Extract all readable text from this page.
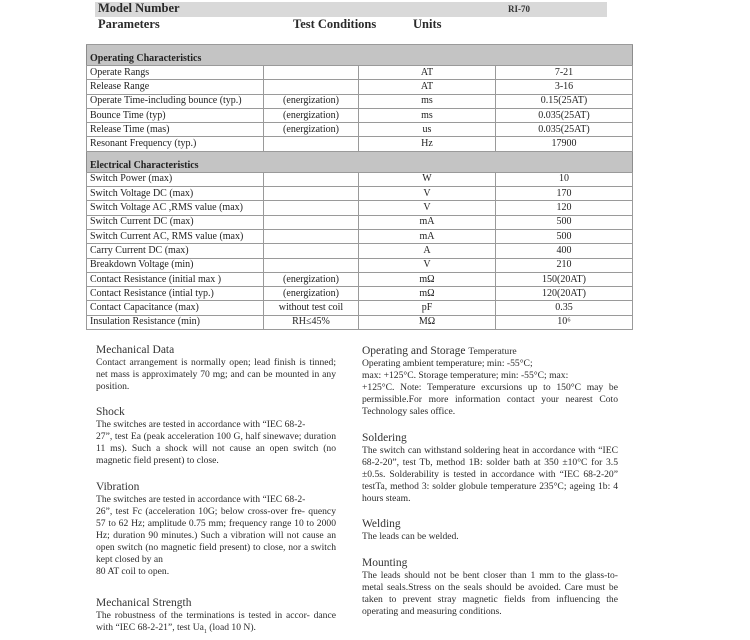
Model Number	RI-70
Parameters	Test Conditions	Units
Operating Characteristics			
Operate Rangs		AT	7-21
Release Range		AT	3-16
Operate Time-including bounce (typ.)	(energization)	ms	0.15(25AT)
Bounce Time (typ)	(energization)	ms	0.035(25AT)
Release Time (mas)	(energization)	us	0.035(25AT)
Resonant Frequency (typ.)		Hz	17900
Electrical Characteristics			
Switch Power (max)		W	10
Switch Voltage DC (max)		V	170
Switch Voltage AC ,RMS value (max)		V	120
Switch Current DC (max)		mA	500
Switch Current AC, RMS value (max)		mA	500
Carry Current DC (max)		A	400
Breakdown Voltage (min)		V	210
Contact Resistance (initial max )	(energization)	mΩ	150(20AT)
Contact Resistance (intial typ.)	(energization)	mΩ	120(20AT)
Contact Capacitance (max)	without test coil	pF	0.35
Insulation Resistance (min)	RH≤45%	MΩ	10⁶
Mechanical Data

Contact arrangement is normally open; lead finish is tinned; net mass is approximately 70 mg; and can be mounted in any position.

Shock

The switches are tested in accordance with “IEC 68-2-

27”, test Ea (peak acceleration 100 G, half sinewave; duration 11 ms). Such a shock will not cause an open switch (no magnetic field present) to close.

Vibration

The switches are tested in accordance with “IEC 68-2-

26”, test Fc (acceleration 10G; below cross-over fre- quency 57 to 62 Hz; amplitude 0.75 mm; frequency range 10 to 2000 Hz; duration 90 minutes.) Such a vibration will not cause an open switch (no magnetic field present) to close, nor a switch kept closed by an

80 AT coil to open.

Mechanical Strength

The robustness of the terminations is tested in accor- dance with “IEC 68-2-21”, test $Ua_1$ (load 10 N).

Operating and Storage Temperature

Operating ambient temperature; min: -55°C;

max: +125°C. Storage temperature; min: -55°C; max:

+125°C. Note: Temperature excursions up to 150°C may be permissible.For more information contact your nearest Coto Technology sales office.

Soldering

The switch can withstand soldering heat in accordance with “IEC 68-2-20”, test Tb, method 1B: solder bath at 350 ±10°C for 3.5 ±0.5s. Solderability is tested in accordance with “IEC 68-2-20” testTa, method 3: solder globule temperature 235°C; ageing 1b: 4 hours steam.

Welding

The leads can be welded.

Mounting

The leads should not be bent closer than 1 mm to the glass-to-metal seals.Stress on the seals should be avoided. Care must be taken to prevent stray magnetic fields from influencing the operating and measuring conditions.
